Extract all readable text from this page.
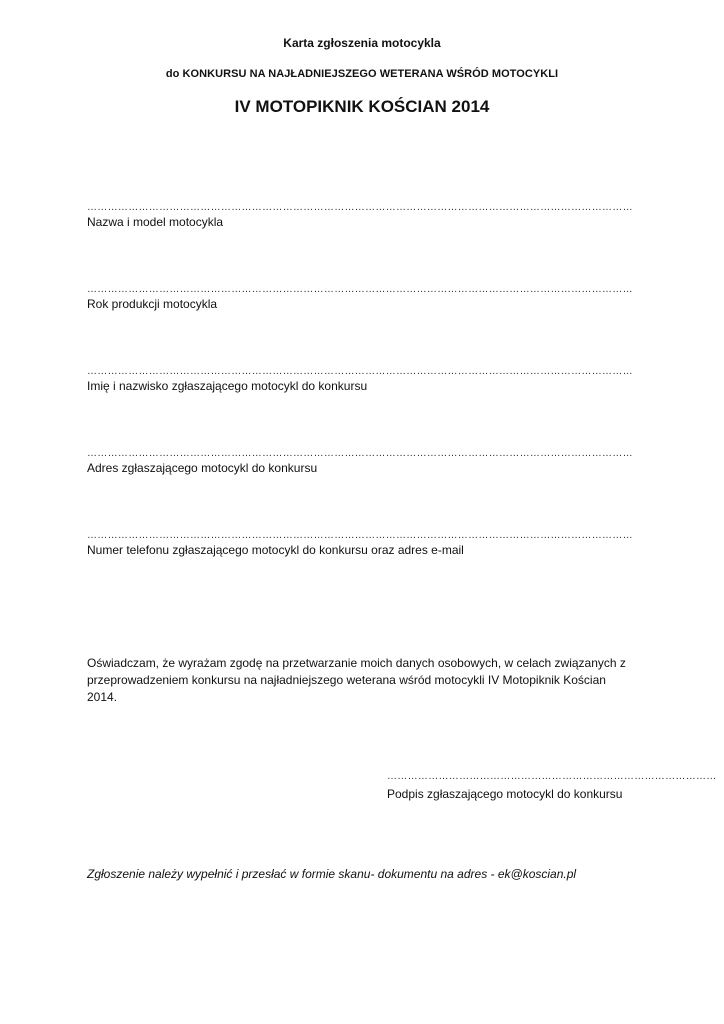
Karta zgłoszenia motocykla
do KONKURSU NA NAJŁADNIEJSZEGO WETERANA WŚRÓD MOTOCYKLI
IV MOTOPIKNIK KOŚCIAN 2014
……………………………………………………………………………………………………………………………………………
Nazwa i model motocykla
……………………………………………………………………………………………………………………………………………
Rok produkcji motocykla
……………………………………………………………………………………………………………………………………………
Imię i nazwisko zgłaszającego motocykl do konkursu
……………………………………………………………………………………………………………………………………………
Adres zgłaszającego motocykl do konkursu
……………………………………………………………………………………………………………………………………………
Numer telefonu zgłaszającego motocykl do konkursu oraz adres e-mail
Oświadczam, że wyrażam zgodę na przetwarzanie moich danych osobowych, w celach związanych z przeprowadzeniem konkursu na najładniejszego weterana wśród motocykli IV Motopiknik Kościan 2014.
……………………………………………………………………………………
Podpis zgłaszającego motocykl do konkursu
Zgłoszenie należy wypełnić i przesłać w formie skanu- dokumentu na adres - ek@koscian.pl
